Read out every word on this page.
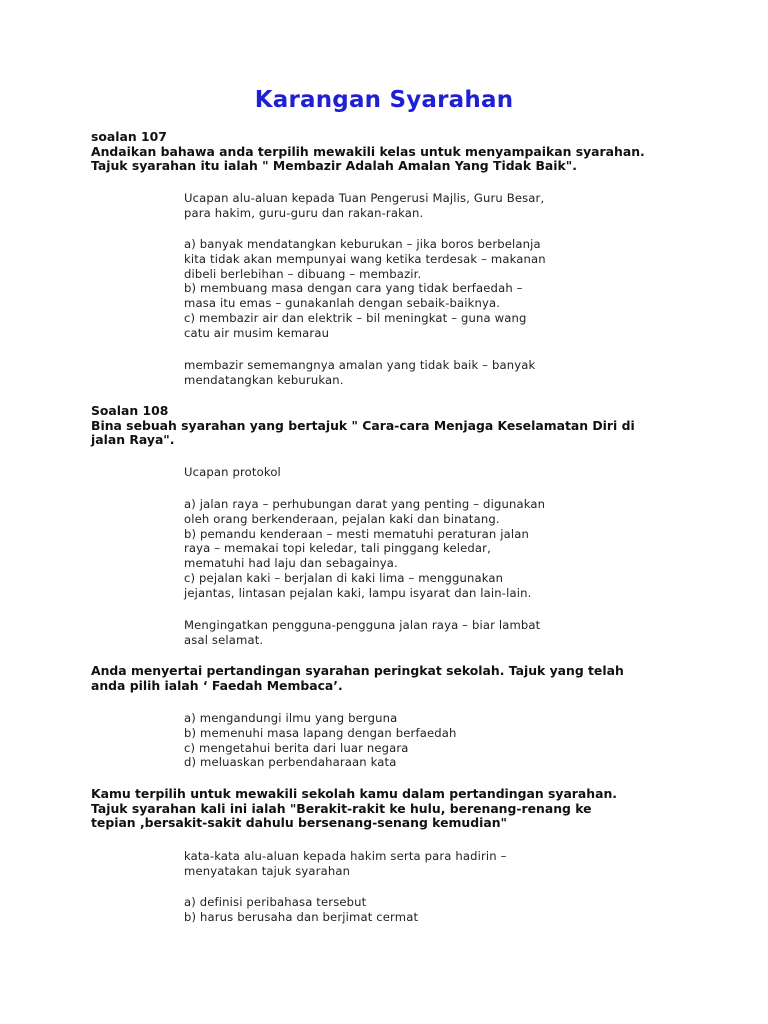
Karangan Syarahan
soalan 107
Andaikan bahawa anda terpilih mewakili kelas untuk menyampaikan syarahan.
Tajuk syarahan itu ialah " Membazir Adalah Amalan Yang Tidak Baik".
Ucapan alu-aluan kepada Tuan Pengerusi Majlis, Guru Besar,
para hakim, guru-guru dan rakan-rakan.
a) banyak mendatangkan keburukan – jika boros berbelanja
kita tidak akan mempunyai wang ketika terdesak – makanan
dibeli berlebihan – dibuang – membazir.
b) membuang masa dengan cara yang tidak berfaedah –
masa itu emas – gunakanlah dengan sebaik-baiknya.
c) membazir air dan elektrik – bil meningkat – guna wang
catu air musim kemarau
membazir sememangnya amalan yang tidak baik – banyak
mendatangkan keburukan.
Soalan 108
Bina sebuah syarahan yang bertajuk " Cara-cara Menjaga Keselamatan Diri di
jalan Raya".
Ucapan protokol
a) jalan raya – perhubungan darat yang penting – digunakan
oleh orang berkenderaan, pejalan kaki dan binatang.
b) pemandu kenderaan – mesti mematuhi peraturan jalan
raya – memakai topi keledar, tali pinggang keledar,
mematuhi had laju dan sebagainya.
c) pejalan kaki – berjalan di kaki lima – menggunakan
jejantas, lintasan pejalan kaki, lampu isyarat dan lain-lain.
Mengingatkan pengguna-pengguna jalan raya – biar lambat
asal selamat.
Anda menyertai pertandingan syarahan peringkat sekolah. Tajuk yang telah
anda pilih ialah ‘ Faedah Membaca’.
a) mengandungi ilmu yang berguna
b) memenuhi masa lapang dengan berfaedah
c) mengetahui berita dari luar negara
d) meluaskan perbendaharaan kata
Kamu terpilih untuk mewakili sekolah kamu dalam pertandingan syarahan.
Tajuk syarahan kali ini ialah "Berakit-rakit ke hulu, berenang-renang ke
tepian ,bersakit-sakit dahulu bersenang-senang kemudian"
kata-kata alu-aluan kepada hakim serta para hadirin –
menyatakan tajuk syarahan
a) definisi peribahasa tersebut
b) harus berusaha dan berjimat cermat
